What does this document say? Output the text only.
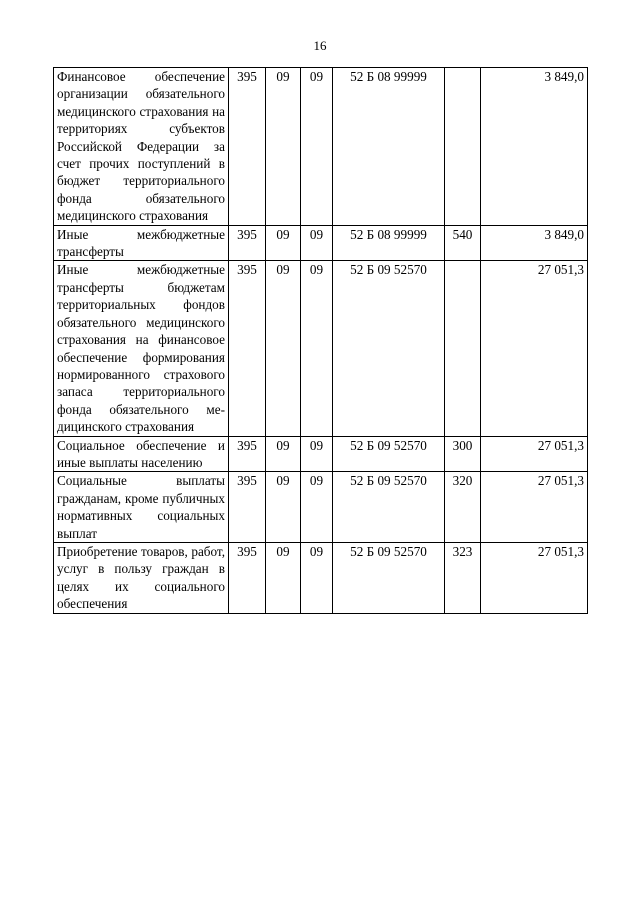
16
Финансовое обеспечение организации обязательного медицинского страхования на территориях субъектов Российской Федерации за счет прочих поступлений в бюджет территориального фонда обязательного медицинского страхования	395	09	09	52 Б 08 99999		3 849,0
Иные межбюджетные трансферты	395	09	09	52 Б 08 99999	540	3 849,0
Иные межбюджетные трансферты бюджетам территориальных фондов обязательного медицинского страхования на финансовое обеспечение формирования нормированного страхового запаса территориального фонда обязательного медицинского страхования	395	09	09	52 Б 09 52570		27 051,3
Социальное обеспечение и иные выплаты населению	395	09	09	52 Б 09 52570	300	27 051,3
Социальные выплаты гражданам, кроме публичных нормативных социальных выплат	395	09	09	52 Б 09 52570	320	27 051,3
Приобретение товаров, работ, услуг в пользу граждан в целях их социального обеспечения	395	09	09	52 Б 09 52570	323	27 051,3
